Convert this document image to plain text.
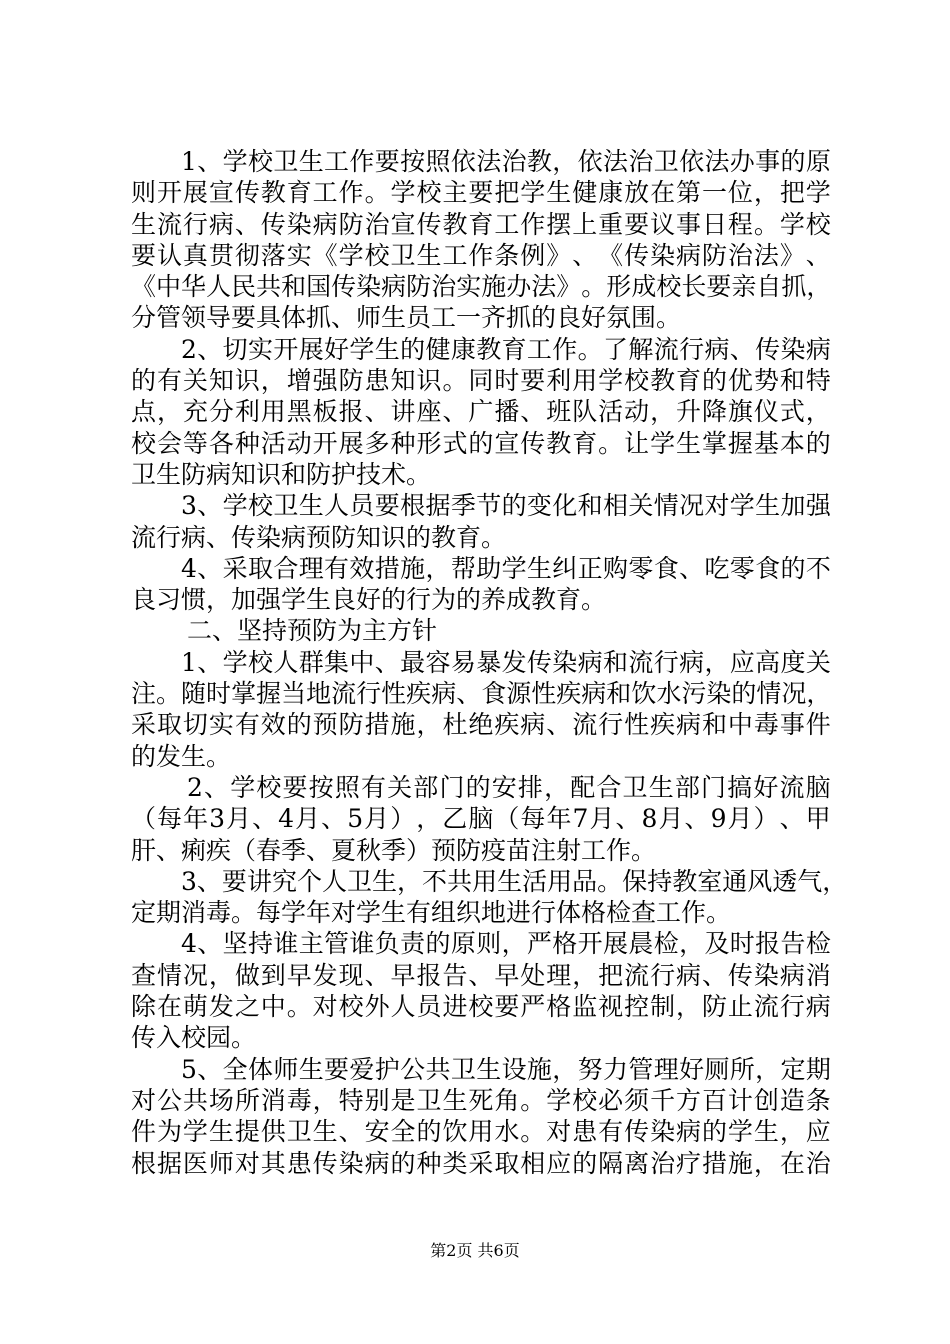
1 、 学 校 卫 生 工 作 要 按 照 依 法 治 教 ， 依 法 治 卫 依 法 办 事 的 原
则 开 展 宣 传 教 育 工 作 。 学 校 主 要 把 学 生 健 康 放 在 第 一 位 ， 把 学
生 流 行 病 、 传 染 病 防 治 宣 传 教 育 工 作 摆 上 重 要 议 事 日 程 。 学 校
要 认 真 贯 彻 落 实 《 学 校 卫 生 工 作 条 例 》 、 《 传 染 病 防 治 法 》 、
《 中 华 人 民 共 和 国 传 染 病 防 治 实 施 办 法 》 。 形 成 校 长 要 亲 自 抓 ，
分管领导要具体抓、师生员工一齐抓的良好氛围。
2 、 切 实 开 展 好 学 生 的 健 康 教 育 工 作 。 了 解 流 行 病 、 传 染 病
的 有 关 知 识 ， 增 强 防 患 知 识 。 同 时 要 利 用 学 校 教 育 的 优 势 和 特
点 ， 充 分 利 用 黑 板 报 、 讲 座 、 广 播 、 班 队 活 动 ， 升 降 旗 仪 式 ，
校 会 等 各 种 活 动 开 展 多 种 形 式 的 宣 传 教 育 。 让 学 生 掌 握 基 本 的
卫生防病知识和防护技术。
3 、 学 校 卫 生 人 员 要 根 据 季 节 的 变 化 和 相 关 情 况 对 学 生 加 强
流行病、传染病预防知识的教育。
4 、 采 取 合 理 有 效 措 施 ， 帮 助 学 生 纠 正 购 零 食 、 吃 零 食 的 不
良习惯，加强学生良好的行为的养成教育。
二、坚持预防为主方针
1 、 学 校 人 群 集 中 、 最 容 易 暴 发 传 染 病 和 流 行 病 ， 应 高 度 关
注 。 随 时 掌 握 当 地 流 行 性 疾 病 、 食 源 性 疾 病 和 饮 水 污 染 的 情 况 ，
采 取 切 实 有 效 的 预 防 措 施 ， 杜 绝 疾 病 、 流 行 性 疾 病 和 中 毒 事 件
的发生。
2 、 学 校 要 按 照 有 关 部 门 的 安 排 ， 配 合 卫 生 部 门 搞 好 流 脑
（ 每 年 3 月 、 4 月 、 5 月 ） ， 乙 脑 （ 每 年 7 月 、 8 月 、 9 月 ） 、 甲
肝、痢疾（春季、夏秋季）预防疫苗注射工作。
3 、 要 讲 究 个 人 卫 生 ， 不 共 用 生 活 用 品 。 保 持 教 室 通 风 透 气 ，
定期消毒。每学年对学生有组织地进行体格检查工作。
4 、 坚 持 谁 主 管 谁 负 责 的 原 则 ， 严 格 开 展 晨 检 ， 及 时 报 告 检
查 情 况 ， 做 到 早 发 现 、 早 报 告 、 早 处 理 ， 把 流 行 病 、 传 染 病 消
除 在 萌 发 之 中 。 对 校 外 人 员 进 校 要 严 格 监 视 控 制 ， 防 止 流 行 病
传入校园。
5 、 全 体 师 生 要 爱 护 公 共 卫 生 设 施 ， 努 力 管 理 好 厕 所 ， 定 期
对 公 共 场 所 消 毒 ， 特 别 是 卫 生 死 角 。 学 校 必 须 千 方 百 计 创 造 条
件 为 学 生 提 供 卫 生 、 安 全 的 饮 用 水 。 对 患 有 传 染 病 的 学 生 ， 应
根 据 医 师 对 其 患 传 染 病 的 种 类 采 取 相 应 的 隔 离 治 疗 措 施 ， 在 治
第2页 共6页
